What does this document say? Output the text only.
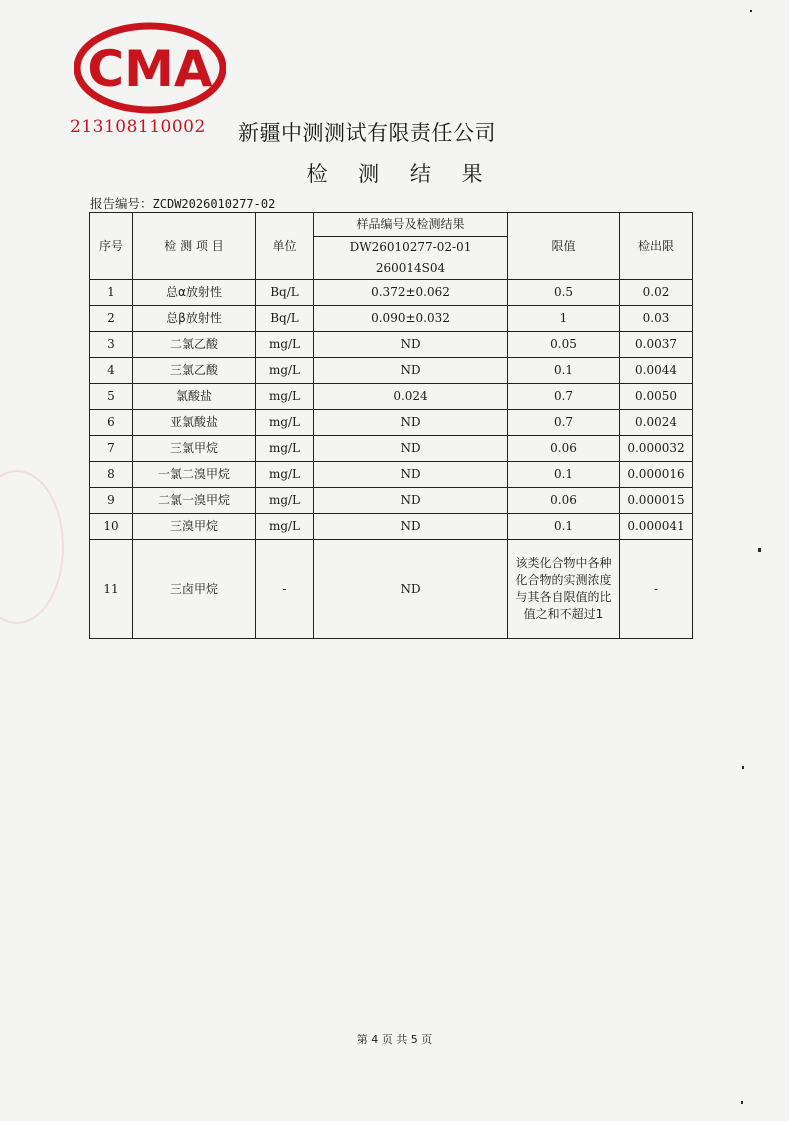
CMA
213108110002 新疆中测测试有限责任公司
检 测 结 果
报告编号：ZCDW2026010277-02
序号	检 测 项 目	单位	样品编号及检测结果	限值	检出限
			DW26010277-02-01		
			260014S04		
1	总α放射性	Bq/L	0.372±0.062	0.5	0.02
2	总β放射性	Bq/L	0.090±0.032	1	0.03
3	二氯乙酸	mg/L	ND	0.05	0.0037
4	三氯乙酸	mg/L	ND	0.1	0.0044
5	氯酸盐	mg/L	0.024	0.7	0.0050
6	亚氯酸盐	mg/L	ND	0.7	0.0024
7	三氯甲烷	mg/L	ND	0.06	0.000032
8	一氯二溴甲烷	mg/L	ND	0.1	0.000016
9	二氯一溴甲烷	mg/L	ND	0.06	0.000015
10	三溴甲烷	mg/L	ND	0.1	0.000041
11	三卤甲烷	-	ND	该类化合物中各种化合物的实测浓度与其各自限值的比值之和不超过1	-
第 4 页 共 5 页
